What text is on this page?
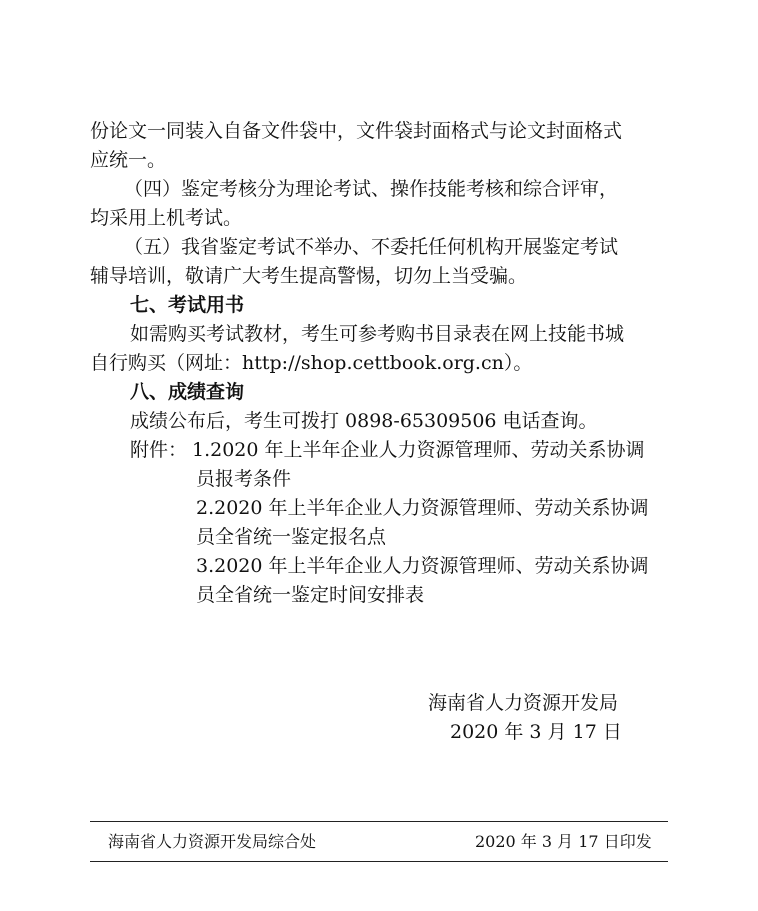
份论文一同装入自备文件袋中，文件袋封面格式与论文封面格式
应统一。
（四）鉴定考核分为理论考试、操作技能考核和综合评审，
均采用上机考试。
（五）我省鉴定考试不举办、不委托任何机构开展鉴定考试
辅导培训，敬请广大考生提高警惕，切勿上当受骗。
七、考试用书
如需购买考试教材，考生可参考购书目录表在网上技能书城
自行购买（网址：http://shop.cettbook.org.cn）。
八、成绩查询
成绩公布后，考生可拨打 0898-65309506 电话查询。
附件： 1.2020 年上半年企业人力资源管理师、劳动关系协调
员报考条件
2.2020 年上半年企业人力资源管理师、劳动关系协调
员全省统一鉴定报名点
3.2020 年上半年企业人力资源管理师、劳动关系协调
员全省统一鉴定时间安排表
海南省人力资源开发局
2020 年 3 月 17 日
海南省人力资源开发局综合处	2020 年 3 月 17 日印发
